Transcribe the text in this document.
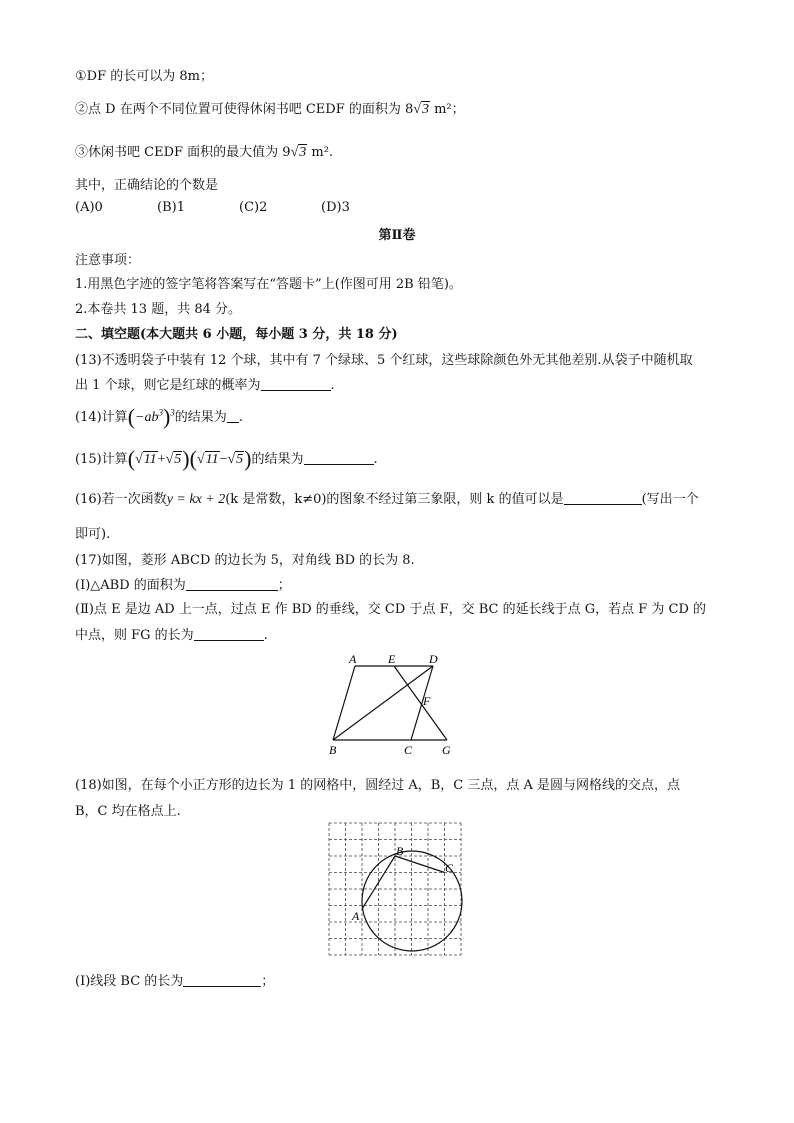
①DF 的长可以为 8m；
②点 D 在两个不同位置可使得休闲书吧 CEDF 的面积为 8√3 m²；
③休闲书吧 CEDF 面积的最大值为 9√3 m².
其中，正确结论的个数是
(A)0	(B)1	(C)2	(D)3
第Ⅱ卷
注意事项：
1.用黑色字迹的签字笔将答案写在“答题卡”上(作图可用 2B 铅笔)。
2.本卷共 13 题，共 84 分。
二、填空题(本大题共 6 小题，每小题 3 分，共 18 分)
(13)不透明袋子中装有 12 个球，其中有 7 个绿球、5 个红球，这些球除颜色外无其他差别.从袋子中随机取
出 1 个球，则它是红球的概率为	.
(14)计算$(-ab^3)^3$的结果为 .
(15)计算(√11+√5)(√11−√5)的结果为	.
(16)若一次函数y = kx + 2(k 是常数，k≠0)的图象不经过第三象限，则 k 的值可以是	(写出一个
即可).
(17)如图，菱形 ABCD 的边长为 5，对角线 BD 的长为 8.
(Ⅰ)△ABD 的面积为	；
(Ⅱ)点 E 是边 AD 上一点，过点 E 作 BD 的垂线，交 CD 于点 F，交 BC 的延长线于点 G，若点 F 为 CD 的
中点，则 FG 的长为	.
A	E	D
F
B	C G
(18)如图，在每个小正方形的边长为 1 的网格中，圆经过 A，B，C 三点，点 A 是圆与网格线的交点，点
B，C 均在格点上.
B
C
A
(Ⅰ)线段 BC 的长为	；
